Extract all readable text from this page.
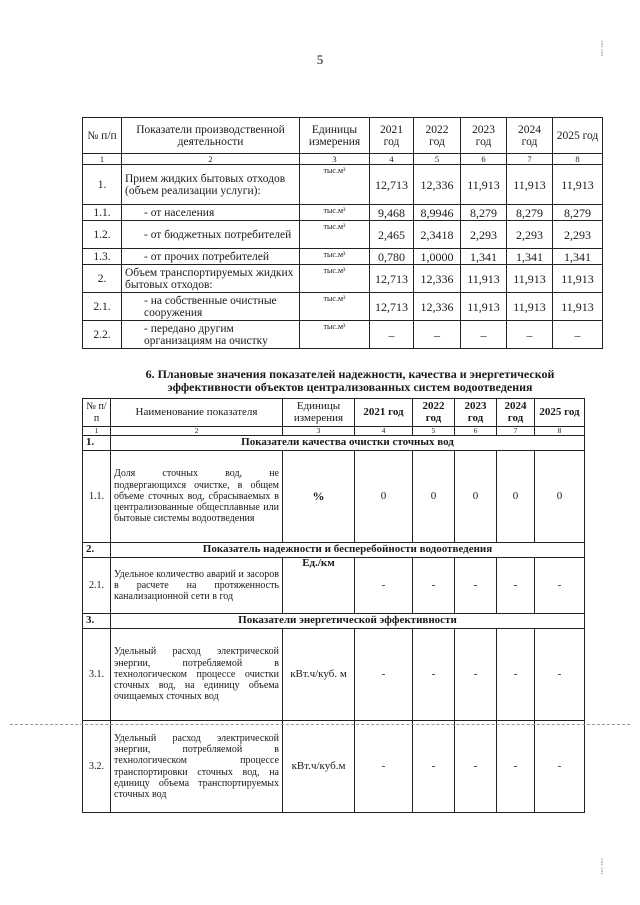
5
№ п/п	Показатели производственной деятельности	Единицы измерения	2021 год	2022 год	2023 год	2024 год	2025 год
1	2	3	4	5	6	7	8
1.	Прием жидких бытовых отходов (объем реализации услуги):	тыс.м³	12,713	12,336	11,913	11,913	11,913
1.1.	- от населения	тыс.м³	9,468	8,9946	8,279	8,279	8,279
1.2.	- от бюджетных потребителей	тыс.м³	2,465	2,3418	2,293	2,293	2,293
1.3.	- от прочих потребителей	тыс.м³	0,780	1,0000	1,341	1,341	1,341
2.	Объем транспортируемых жидких бытовых отходов:	тыс.м³	12,713	12,336	11,913	11,913	11,913
2.1.	- на собственные очистные сооружения	тыс.м³	12,713	12,336	11,913	11,913	11,913
2.2.	- передано другим организациям на очистку	тыс.м³	–	–	–	–	–
6. Плановые значения показателей надежности, качества и энергетической эффективности объектов централизованных систем водоотведения
№ п/п	Наименование показателя	Единицы измерения	2021 год	2022 год	2023 год	2024 год	2025 год
1	2	3	4	5	6	7	8
1.	Показатели качества очистки сточных вод						
1.1.	Доля сточных вод, не подвергающихся очистке, в общем объеме сточных вод, сбрасываемых в централизованные общесплавные или бытовые системы водоотведения	%	0	0	0	0	0
2.	Показатель надежности и бесперебойности водоотведения						
2.1.	Удельное количество аварий и засоров в расчете на протяженность канализационной сети в год	Ед./км	-	-	-	-	-
3.	Показатели энергетической эффективности						
3.1.	Удельный расход электрической энергии, потребляемой в технологическом процессе очистки сточных вод, на единицу объема очищаемых сточных вод	кВт.ч/куб. м	-	-	-	-	-
3.2.	Удельный расход электрической энергии, потребляемой в технологическом процессе транспортировки сточных вод, на единицу объема транспортируемых сточных вод	кВт.ч/куб.м	-	-	-	-	-
⁞
⁞
⁞
⁞
